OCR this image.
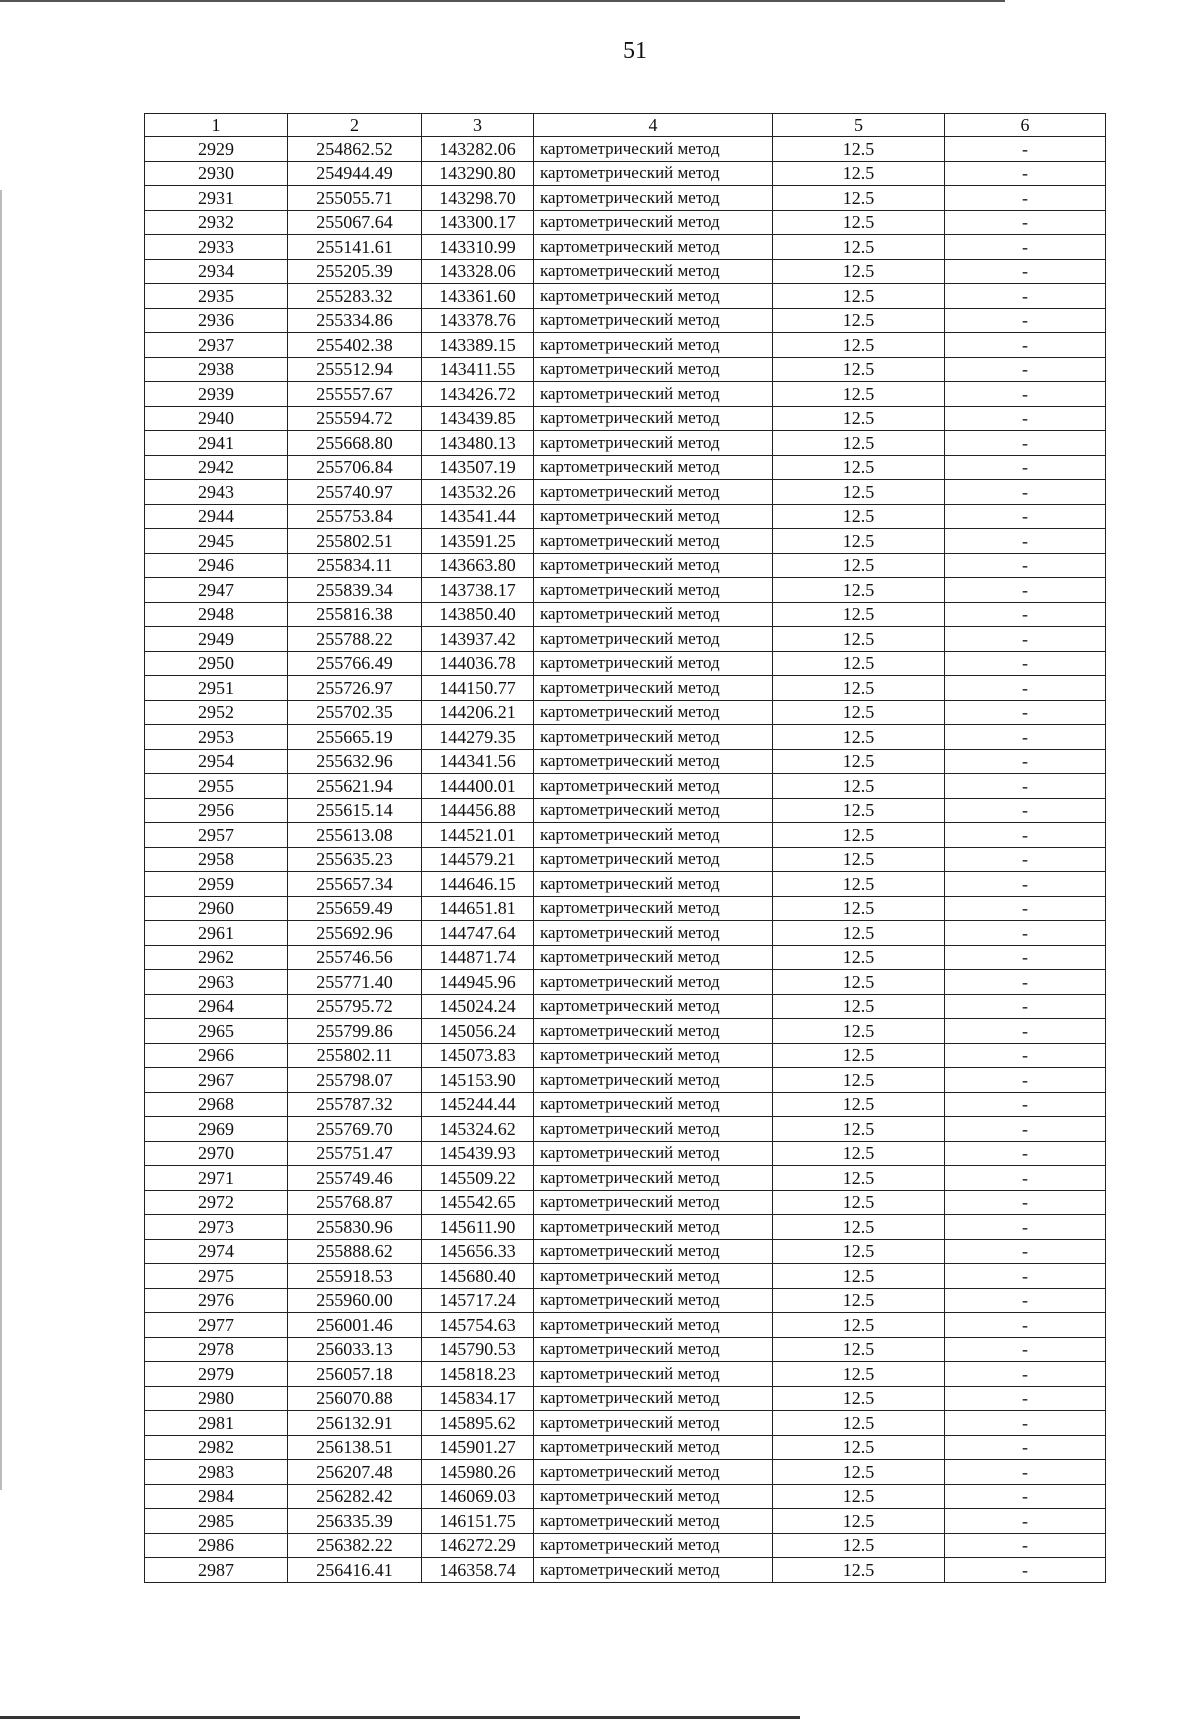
51
1	2	3	4	5	6
2929	254862.52	143282.06	картометрический метод	12.5	-
2930	254944.49	143290.80	картометрический метод	12.5	-
2931	255055.71	143298.70	картометрический метод	12.5	-
2932	255067.64	143300.17	картометрический метод	12.5	-
2933	255141.61	143310.99	картометрический метод	12.5	-
2934	255205.39	143328.06	картометрический метод	12.5	-
2935	255283.32	143361.60	картометрический метод	12.5	-
2936	255334.86	143378.76	картометрический метод	12.5	-
2937	255402.38	143389.15	картометрический метод	12.5	-
2938	255512.94	143411.55	картометрический метод	12.5	-
2939	255557.67	143426.72	картометрический метод	12.5	-
2940	255594.72	143439.85	картометрический метод	12.5	-
2941	255668.80	143480.13	картометрический метод	12.5	-
2942	255706.84	143507.19	картометрический метод	12.5	-
2943	255740.97	143532.26	картометрический метод	12.5	-
2944	255753.84	143541.44	картометрический метод	12.5	-
2945	255802.51	143591.25	картометрический метод	12.5	-
2946	255834.11	143663.80	картометрический метод	12.5	-
2947	255839.34	143738.17	картометрический метод	12.5	-
2948	255816.38	143850.40	картометрический метод	12.5	-
2949	255788.22	143937.42	картометрический метод	12.5	-
2950	255766.49	144036.78	картометрический метод	12.5	-
2951	255726.97	144150.77	картометрический метод	12.5	-
2952	255702.35	144206.21	картометрический метод	12.5	-
2953	255665.19	144279.35	картометрический метод	12.5	-
2954	255632.96	144341.56	картометрический метод	12.5	-
2955	255621.94	144400.01	картометрический метод	12.5	-
2956	255615.14	144456.88	картометрический метод	12.5	-
2957	255613.08	144521.01	картометрический метод	12.5	-
2958	255635.23	144579.21	картометрический метод	12.5	-
2959	255657.34	144646.15	картометрический метод	12.5	-
2960	255659.49	144651.81	картометрический метод	12.5	-
2961	255692.96	144747.64	картометрический метод	12.5	-
2962	255746.56	144871.74	картометрический метод	12.5	-
2963	255771.40	144945.96	картометрический метод	12.5	-
2964	255795.72	145024.24	картометрический метод	12.5	-
2965	255799.86	145056.24	картометрический метод	12.5	-
2966	255802.11	145073.83	картометрический метод	12.5	-
2967	255798.07	145153.90	картометрический метод	12.5	-
2968	255787.32	145244.44	картометрический метод	12.5	-
2969	255769.70	145324.62	картометрический метод	12.5	-
2970	255751.47	145439.93	картометрический метод	12.5	-
2971	255749.46	145509.22	картометрический метод	12.5	-
2972	255768.87	145542.65	картометрический метод	12.5	-
2973	255830.96	145611.90	картометрический метод	12.5	-
2974	255888.62	145656.33	картометрический метод	12.5	-
2975	255918.53	145680.40	картометрический метод	12.5	-
2976	255960.00	145717.24	картометрический метод	12.5	-
2977	256001.46	145754.63	картометрический метод	12.5	-
2978	256033.13	145790.53	картометрический метод	12.5	-
2979	256057.18	145818.23	картометрический метод	12.5	-
2980	256070.88	145834.17	картометрический метод	12.5	-
2981	256132.91	145895.62	картометрический метод	12.5	-
2982	256138.51	145901.27	картометрический метод	12.5	-
2983	256207.48	145980.26	картометрический метод	12.5	-
2984	256282.42	146069.03	картометрический метод	12.5	-
2985	256335.39	146151.75	картометрический метод	12.5	-
2986	256382.22	146272.29	картометрический метод	12.5	-
2987	256416.41	146358.74	картометрический метод	12.5	-
